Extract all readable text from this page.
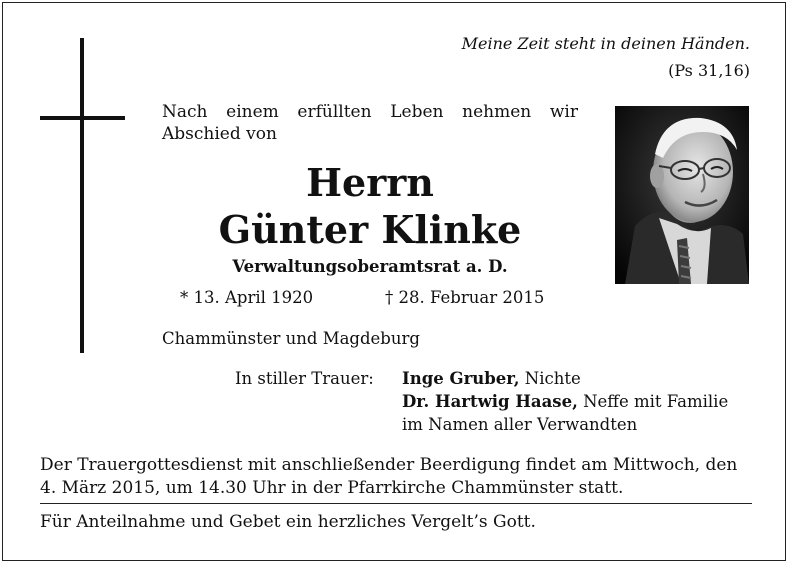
Meine Zeit steht in deinen Händen.
(Ps 31,16)
Nach einem erfüllten Leben nehmen wir Abschied von
Herrn
Günter Klinke
Verwaltungsoberamtsrat a. D.
* 13. April 1920	† 28. Februar 2015
Chammünster und Magdeburg
In stiller Trauer: Inge Gruber, Nichte
Dr. Hartwig Haase, Neffe mit Familie
im Namen aller Verwandten
Der Trauergottesdienst mit anschließender Beerdigung findet am Mittwoch, den 4. März 2015, um 14.30 Uhr in der Pfarrkirche Chammünster statt.
Für Anteilnahme und Gebet ein herzliches Vergelt’s Gott.
